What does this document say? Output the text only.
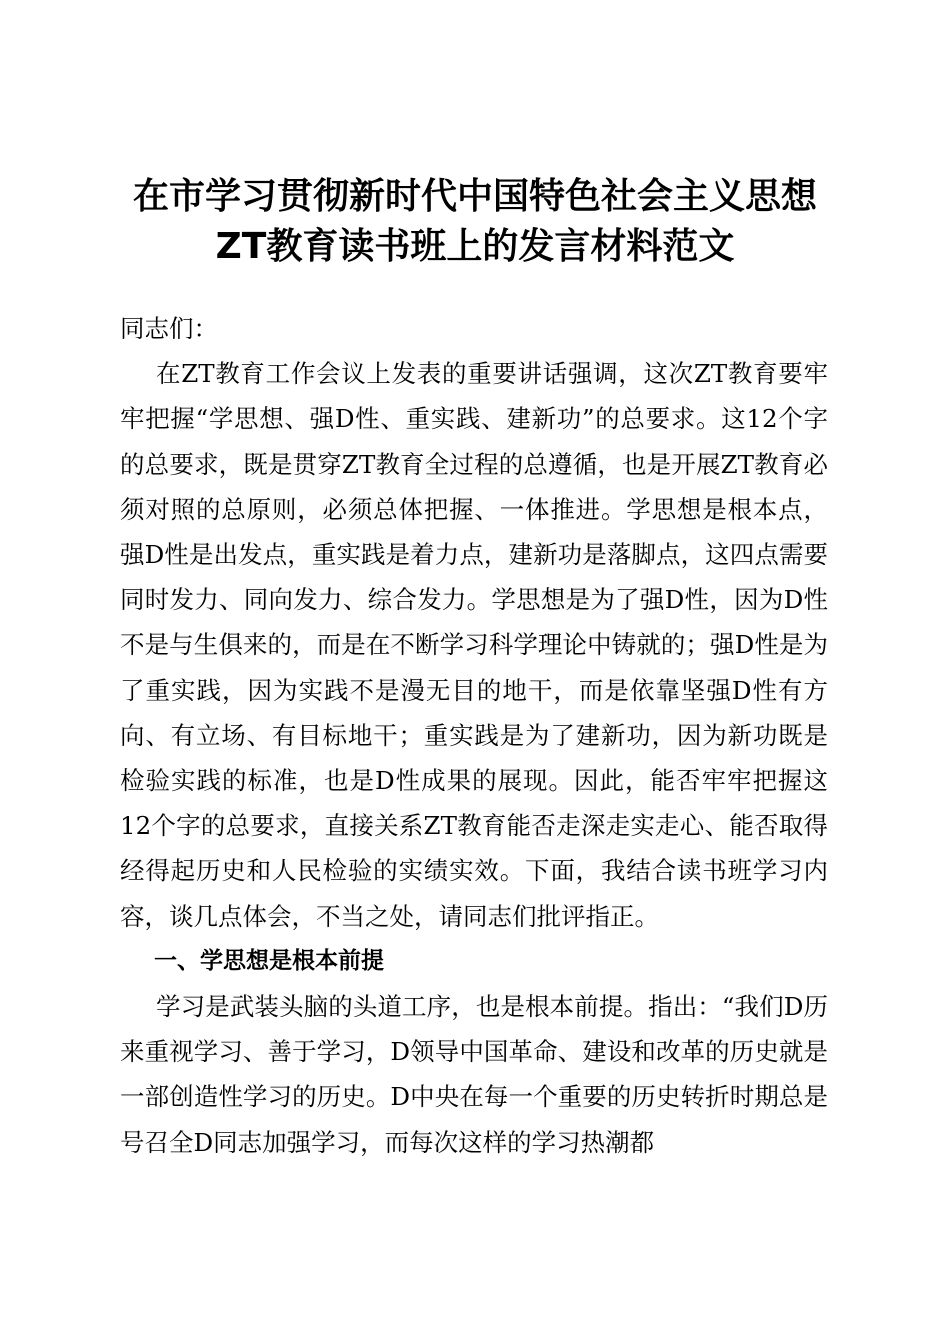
在市学习贯彻新时代中国特色社会主义思想
ZT教育读书班上的发言材料范文

同志们：

在ZT教育工作会议上发表的重要讲话强调，这次ZT教育要牢牢把握“学思想、强D性、重实践、建新功”的总要求。这12个字的总要求，既是贯穿ZT教育全过程的总遵循，也是开展ZT教育必须对照的总原则，必须总体把握、一体推进。学思想是根本点，强D性是出发点，重实践是着力点，建新功是落脚点，这四点需要同时发力、同向发力、综合发力。学思想是为了强D性，因为D性不是与生俱来的，而是在不断学习科学理论中铸就的；强D性是为了重实践，因为实践不是漫无目的地干，而是依靠坚强D性有方向、有立场、有目标地干；重实践是为了建新功，因为新功既是检验实践的标准，也是D性成果的展现。因此，能否牢牢把握这12个字的总要求，直接关系ZT教育能否走深走实走心、能否取得经得起历史和人民检验的实绩实效。下面，我结合读书班学习内容，谈几点体会，不当之处，请同志们批评指正。

一、学思想是根本前提

学习是武装头脑的头道工序，也是根本前提。指出：“我们D历来重视学习、善于学习，D领导中国革命、建设和改革的历史就是一部创造性学习的历史。D中央在每一个重要的历史转折时期总是号召全D同志加强学习，而每次这样的学习热潮都
